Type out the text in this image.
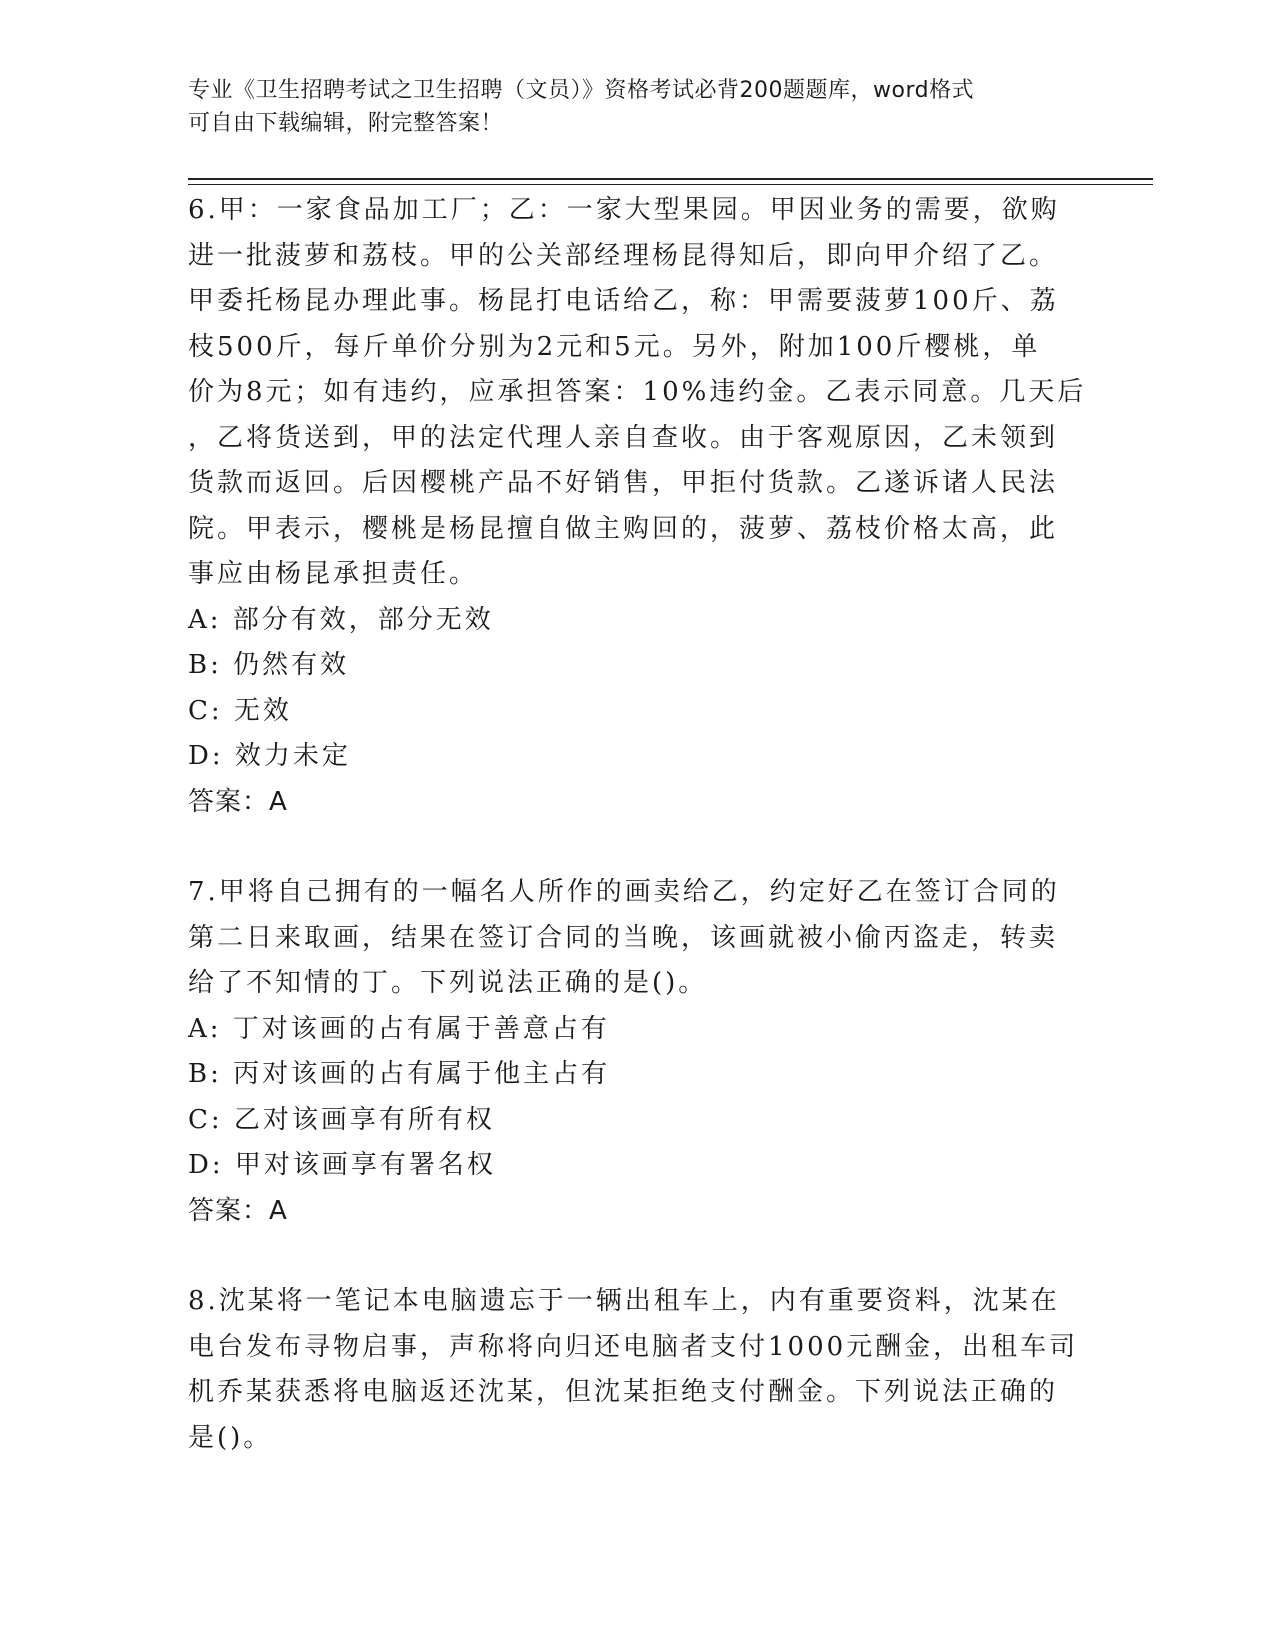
专业《卫生招聘考试之卫生招聘（文员）》资格考试必背200题题库，word格式
可自由下载编辑，附完整答案！
6.甲：一家食品加工厂；乙：一家大型果园。甲因业务的需要，欲购
进一批菠萝和荔枝。甲的公关部经理杨昆得知后，即向甲介绍了乙。
甲委托杨昆办理此事。杨昆打电话给乙，称：甲需要菠萝100斤、荔
枝500斤，每斤单价分别为2元和5元。另外，附加100斤樱桃，单
价为8元；如有违约，应承担答案：10%违约金。乙表示同意。几天后
，乙将货送到，甲的法定代理人亲自查收。由于客观原因，乙未领到
货款而返回。后因樱桃产品不好销售，甲拒付货款。乙遂诉诸人民法
院。甲表示，樱桃是杨昆擅自做主购回的，菠萝、荔枝价格太高，此
事应由杨昆承担责任。
A: 部分有效，部分无效
B: 仍然有效
C: 无效
D: 效力未定
答案：A
7.甲将自己拥有的一幅名人所作的画卖给乙，约定好乙在签订合同的
第二日来取画，结果在签订合同的当晚，该画就被小偷丙盗走，转卖
给了不知情的丁。下列说法正确的是()。
A: 丁对该画的占有属于善意占有
B: 丙对该画的占有属于他主占有
C: 乙对该画享有所有权
D: 甲对该画享有署名权
答案：A
8.沈某将一笔记本电脑遗忘于一辆出租车上，内有重要资料，沈某在
电台发布寻物启事，声称将向归还电脑者支付1000元酬金，出租车司
机乔某获悉将电脑返还沈某，但沈某拒绝支付酬金。下列说法正确的
是()。
